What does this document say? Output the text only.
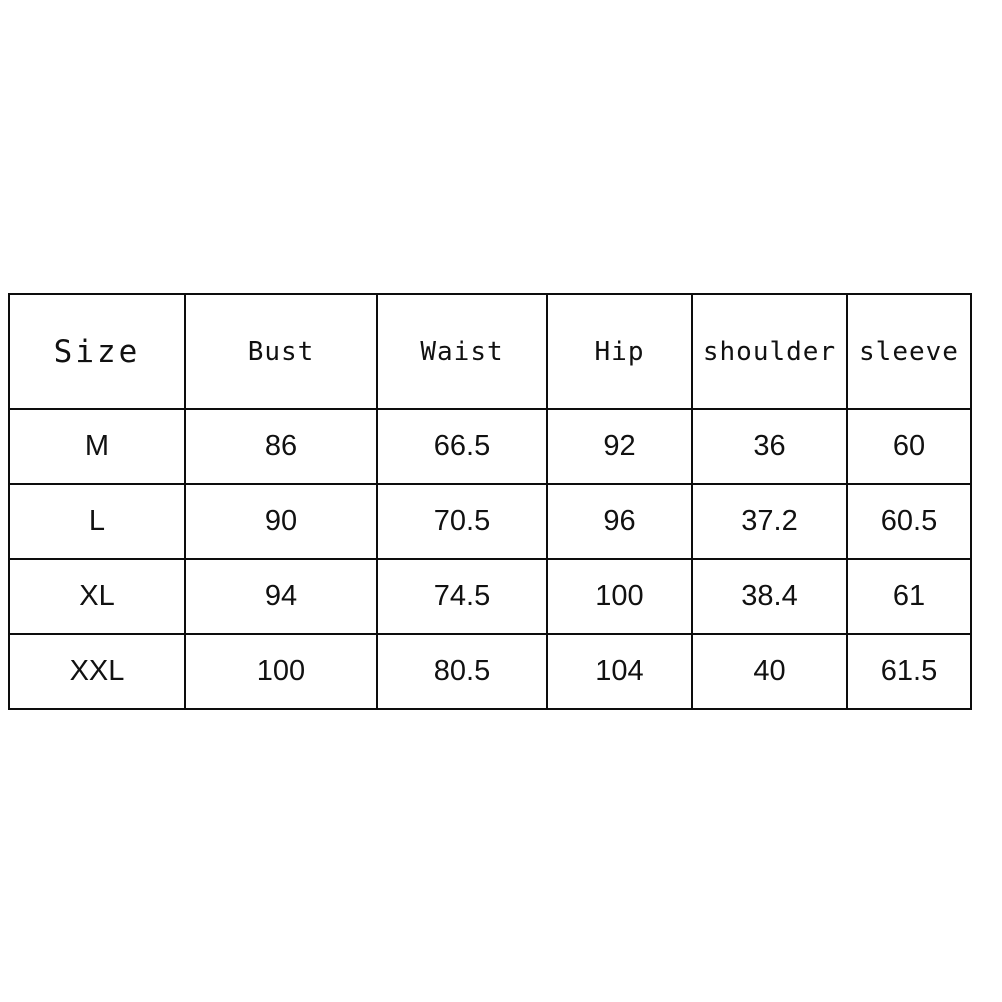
Size	Bust	Waist	Hip	shoulder	sleeve
M	86	66.5	92	36	60
L	90	70.5	96	37.2	60.5
XL	94	74.5	100	38.4	61
XXL	100	80.5	104	40	61.5
